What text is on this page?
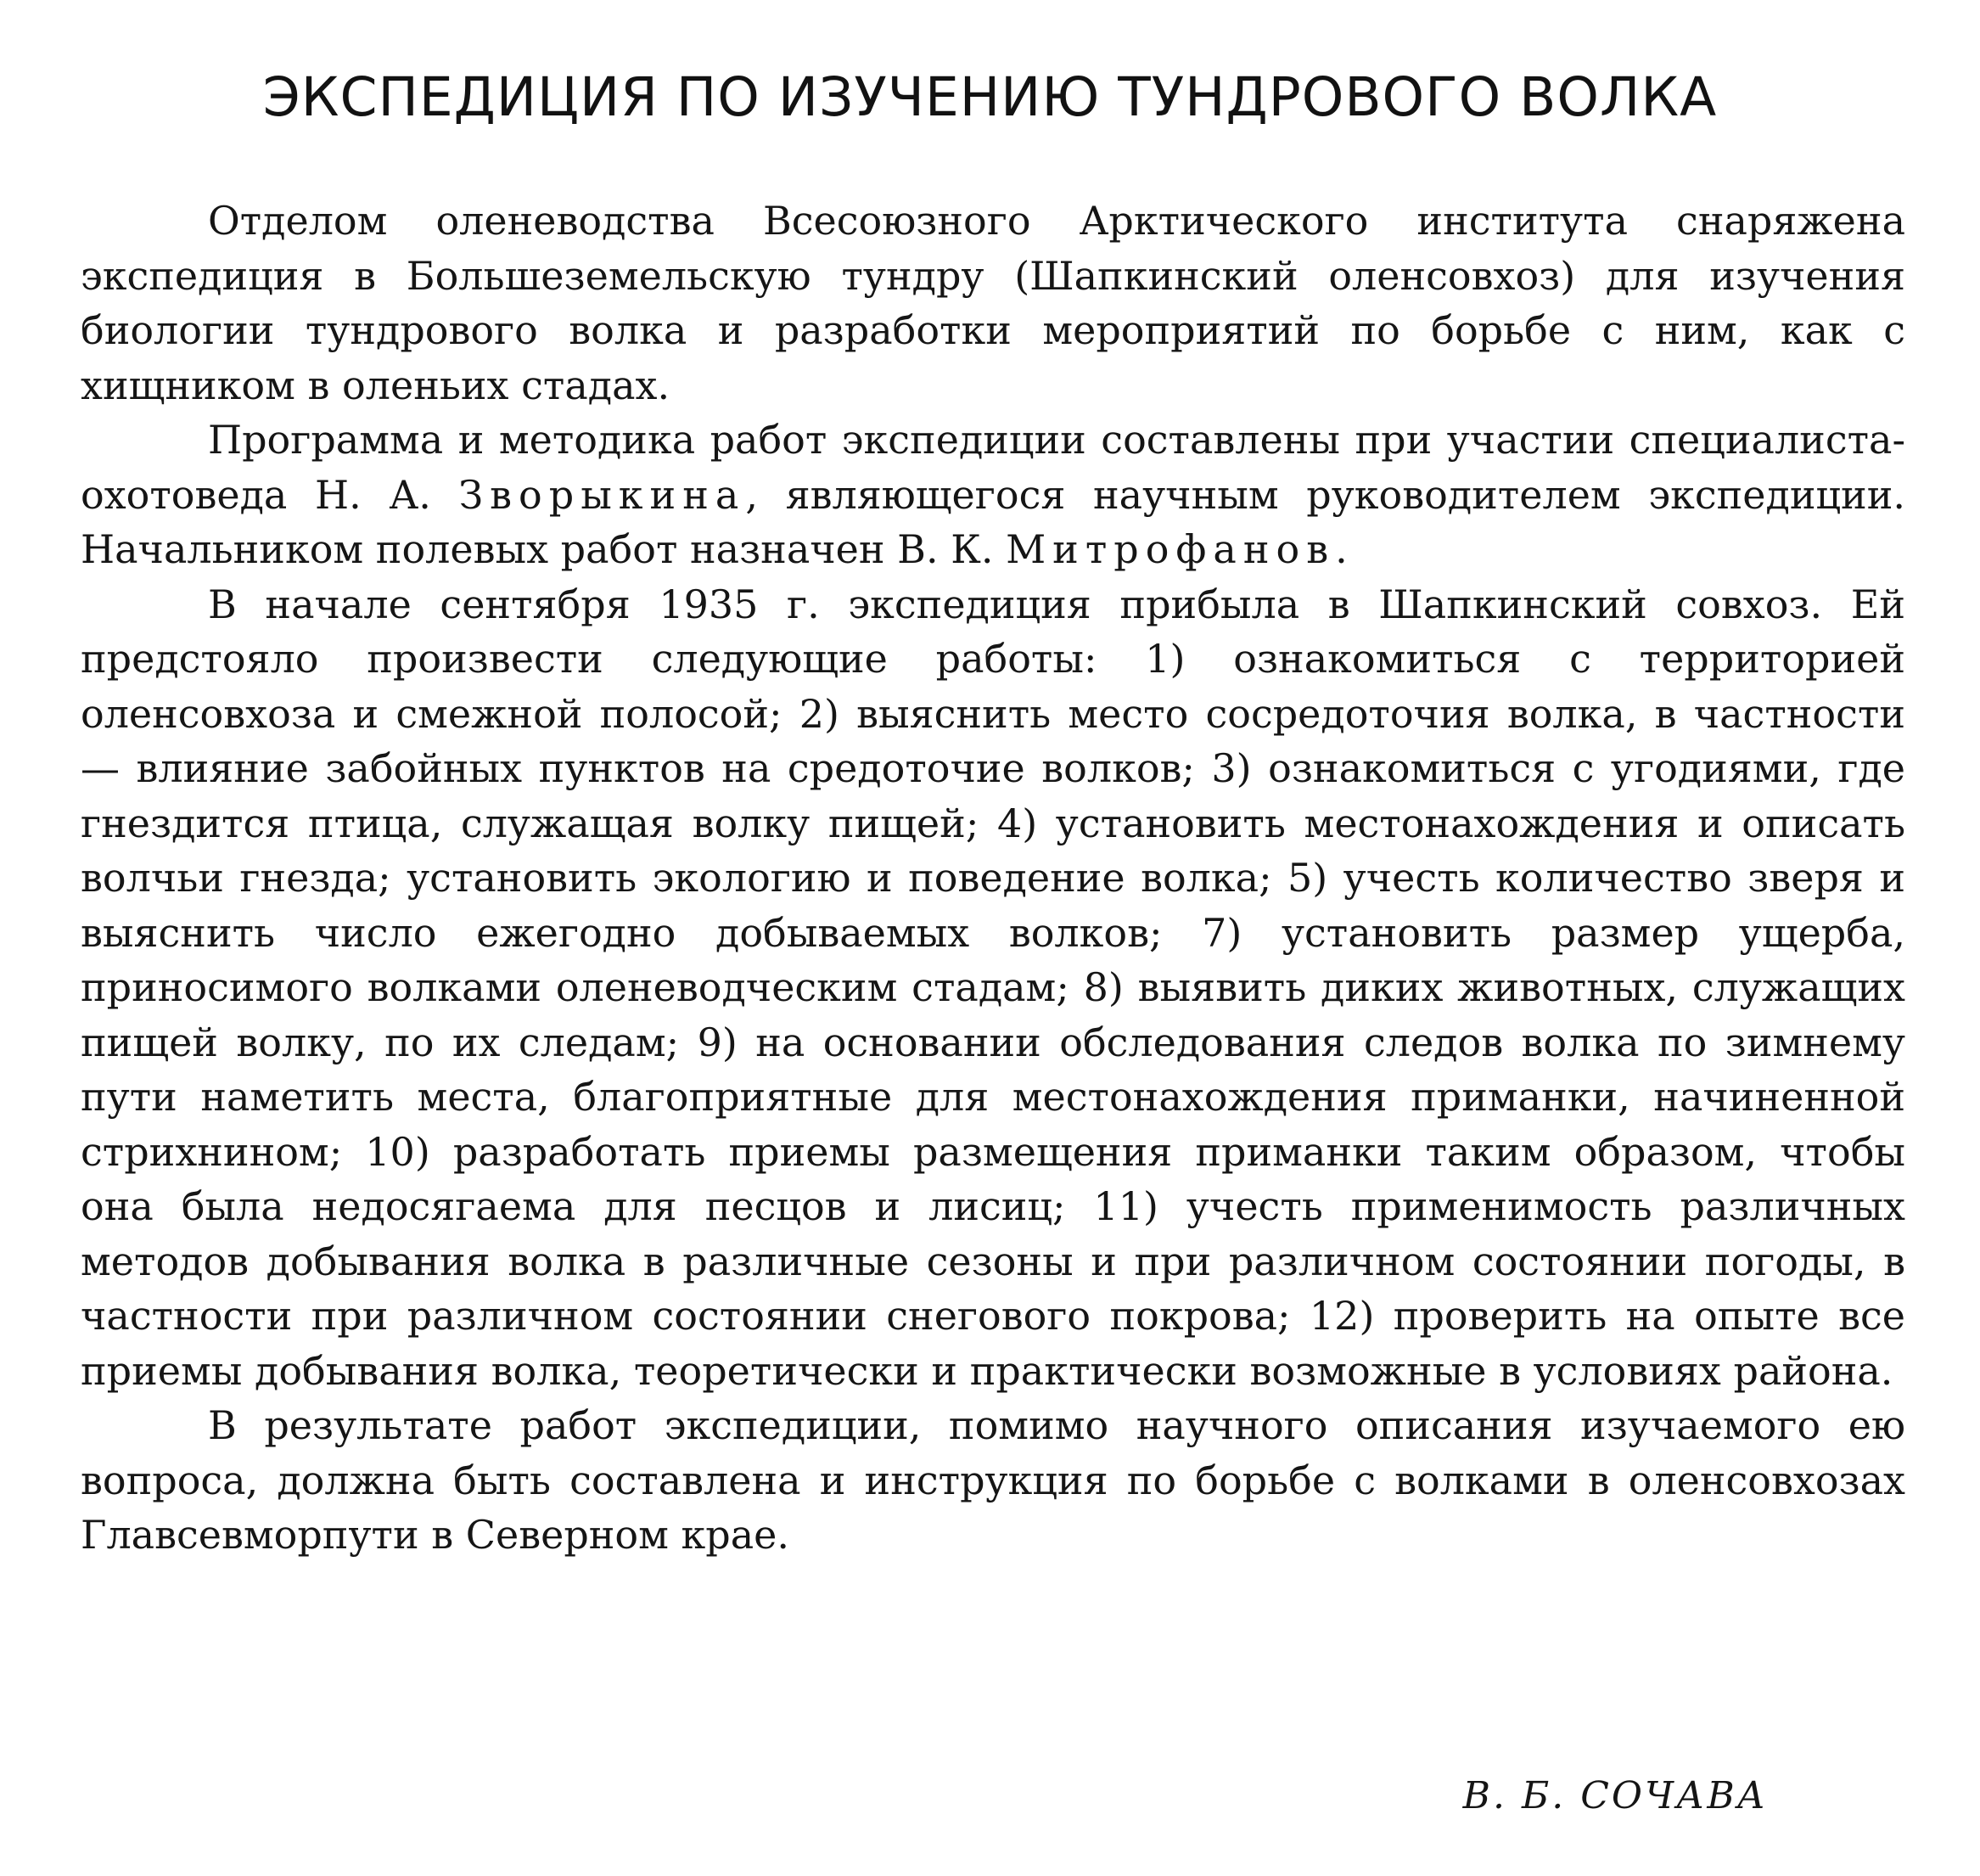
ЭКСПЕДИЦИЯ ПО ИЗУЧЕНИЮ ТУНДРОВОГО ВОЛКА

Отделом оленеводства Всесоюзного Арктического института снаряжена экспедиция в Большеземельскую тундру (Шапкинский оленсовхоз) для изучения биологии тундрового волка и разработки мероприятий по борьбе с ним, как с хищником в оленьих стадах.

Программа и методика работ экспедиции составлены при участии специалиста-охотоведа Н. А. Зворыкина, являющегося научным руководителем экспедиции. Начальником полевых работ назначен В. К. Митрофанов.

В начале сентября 1935 г. экспедиция прибыла в Шапкинский совхоз. Ей предстояло произвести следующие работы: 1) ознакомиться с территорией оленсовхоза и смежной полосой; 2) выяснить место сосредоточия волка, в частности — влияние забойных пунктов на средоточие волков; 3) ознакомиться с угодиями, где гнездится птица, служащая волку пищей; 4) установить местонахождения и описать волчьи гнезда; установить экологию и поведение волка; 5) учесть количество зверя и выяснить число ежегодно добываемых волков; 7) установить размер ущерба, приносимого волками оленеводческим стадам; 8) выявить диких животных, служащих пищей волку, по их следам; 9) на основании обследования следов волка по зимнему пути наметить места, благоприятные для местонахождения приманки, начиненной стрихнином; 10) разработать приемы размещения приманки таким образом, чтобы она была недосягаема для песцов и лисиц; 11) учесть применимость различных методов добывания волка в различные сезоны и при различном состоянии погоды, в частности при различном состоянии снегового покрова; 12) проверить на опыте все приемы добывания волка, теоретически и практически возможные в условиях района.

В результате работ экспедиции, помимо научного описания изучаемого ею вопроса, должна быть составлена и инструкция по борьбе с волками в оленсовхозах Главсевморпути в Северном крае.

В. Б. СОЧАВА
